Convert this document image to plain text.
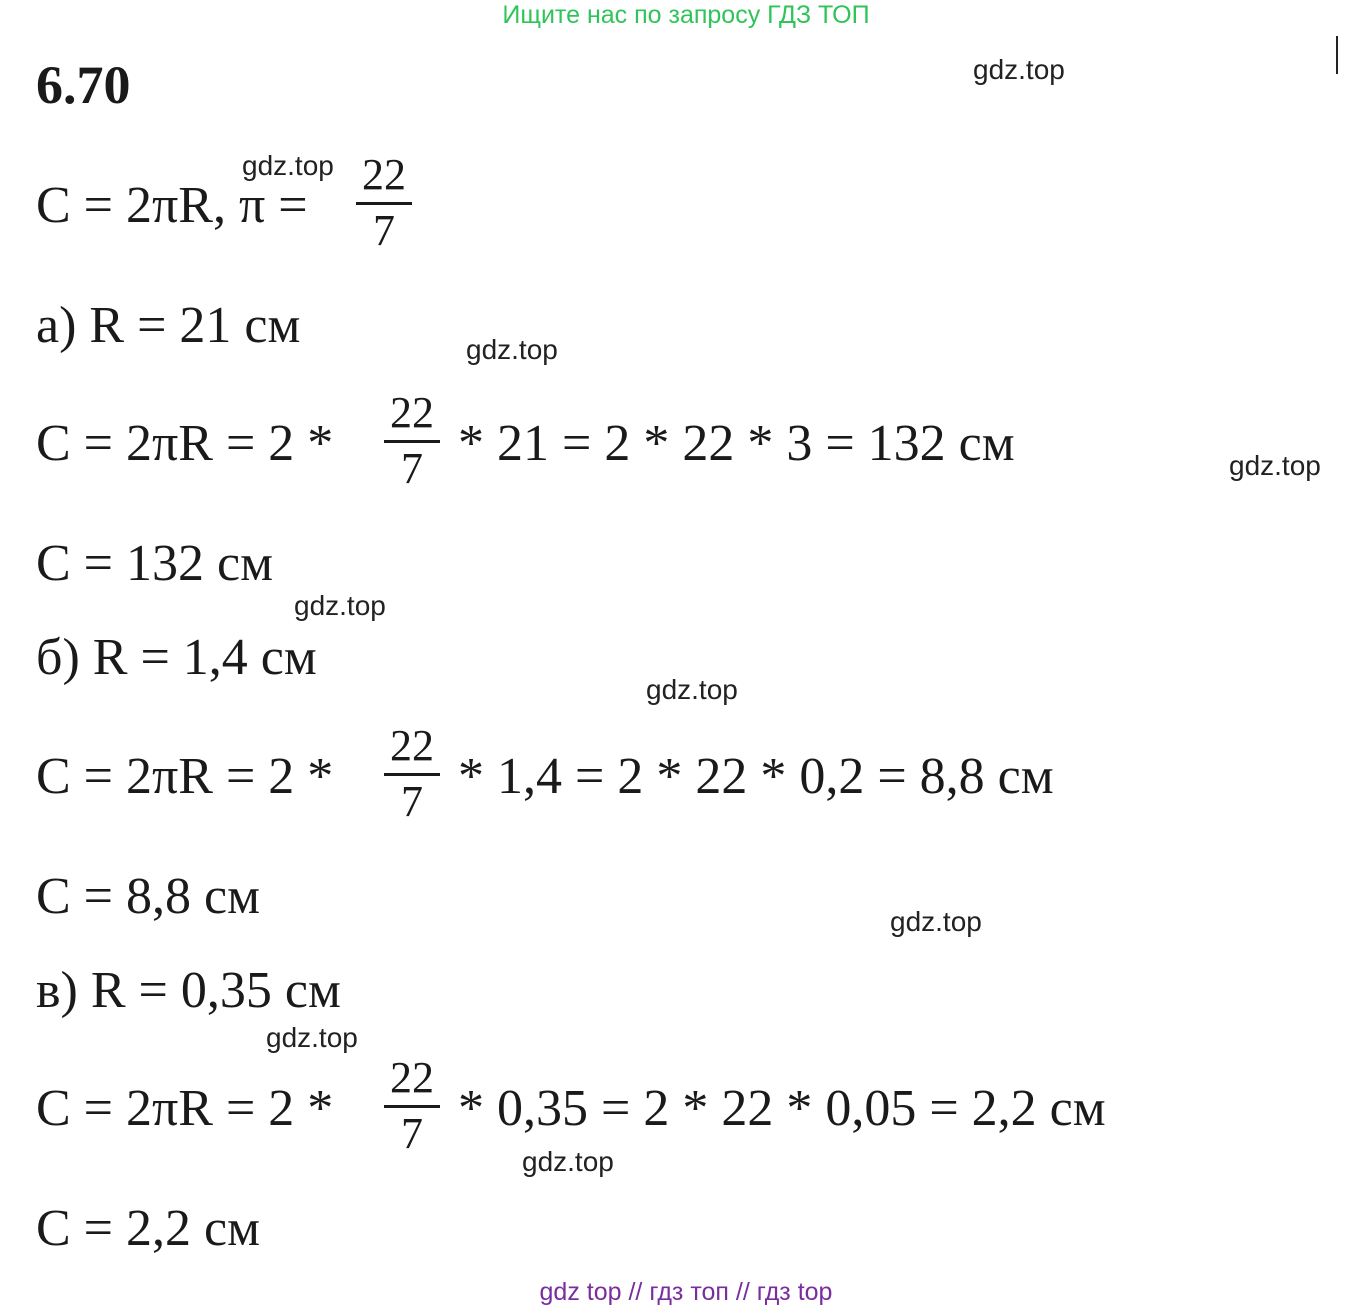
Ищите нас по запросу ГДЗ ТОП
6.70	gdz.top
gdz.top
gdz.top
gdz.top
gdz.top
gdz.top
gdz.top
gdz.top
gdz.top
C = 2πR, $\pi = \frac{22}{7}$
а) R = 21 см
$C = 2\pi R = 2 * \frac{22}{7} * 21 = 2 * 22 * 3 = 132$ см
C = 132 см
б) R = 1,4 см
$C = 2\pi R = 2 * \frac{22}{7} * 1,4 = 2 * 22 * 0,2 = 8,8$ см
C = 8,8 см
в) R = 0,35 см
$C = 2\pi R = 2 * \frac{22}{7} * 0,35 = 2 * 22 * 0,05 = 2,2$ см
C = 2,2 см
gdz top // гдз топ // гдз top
